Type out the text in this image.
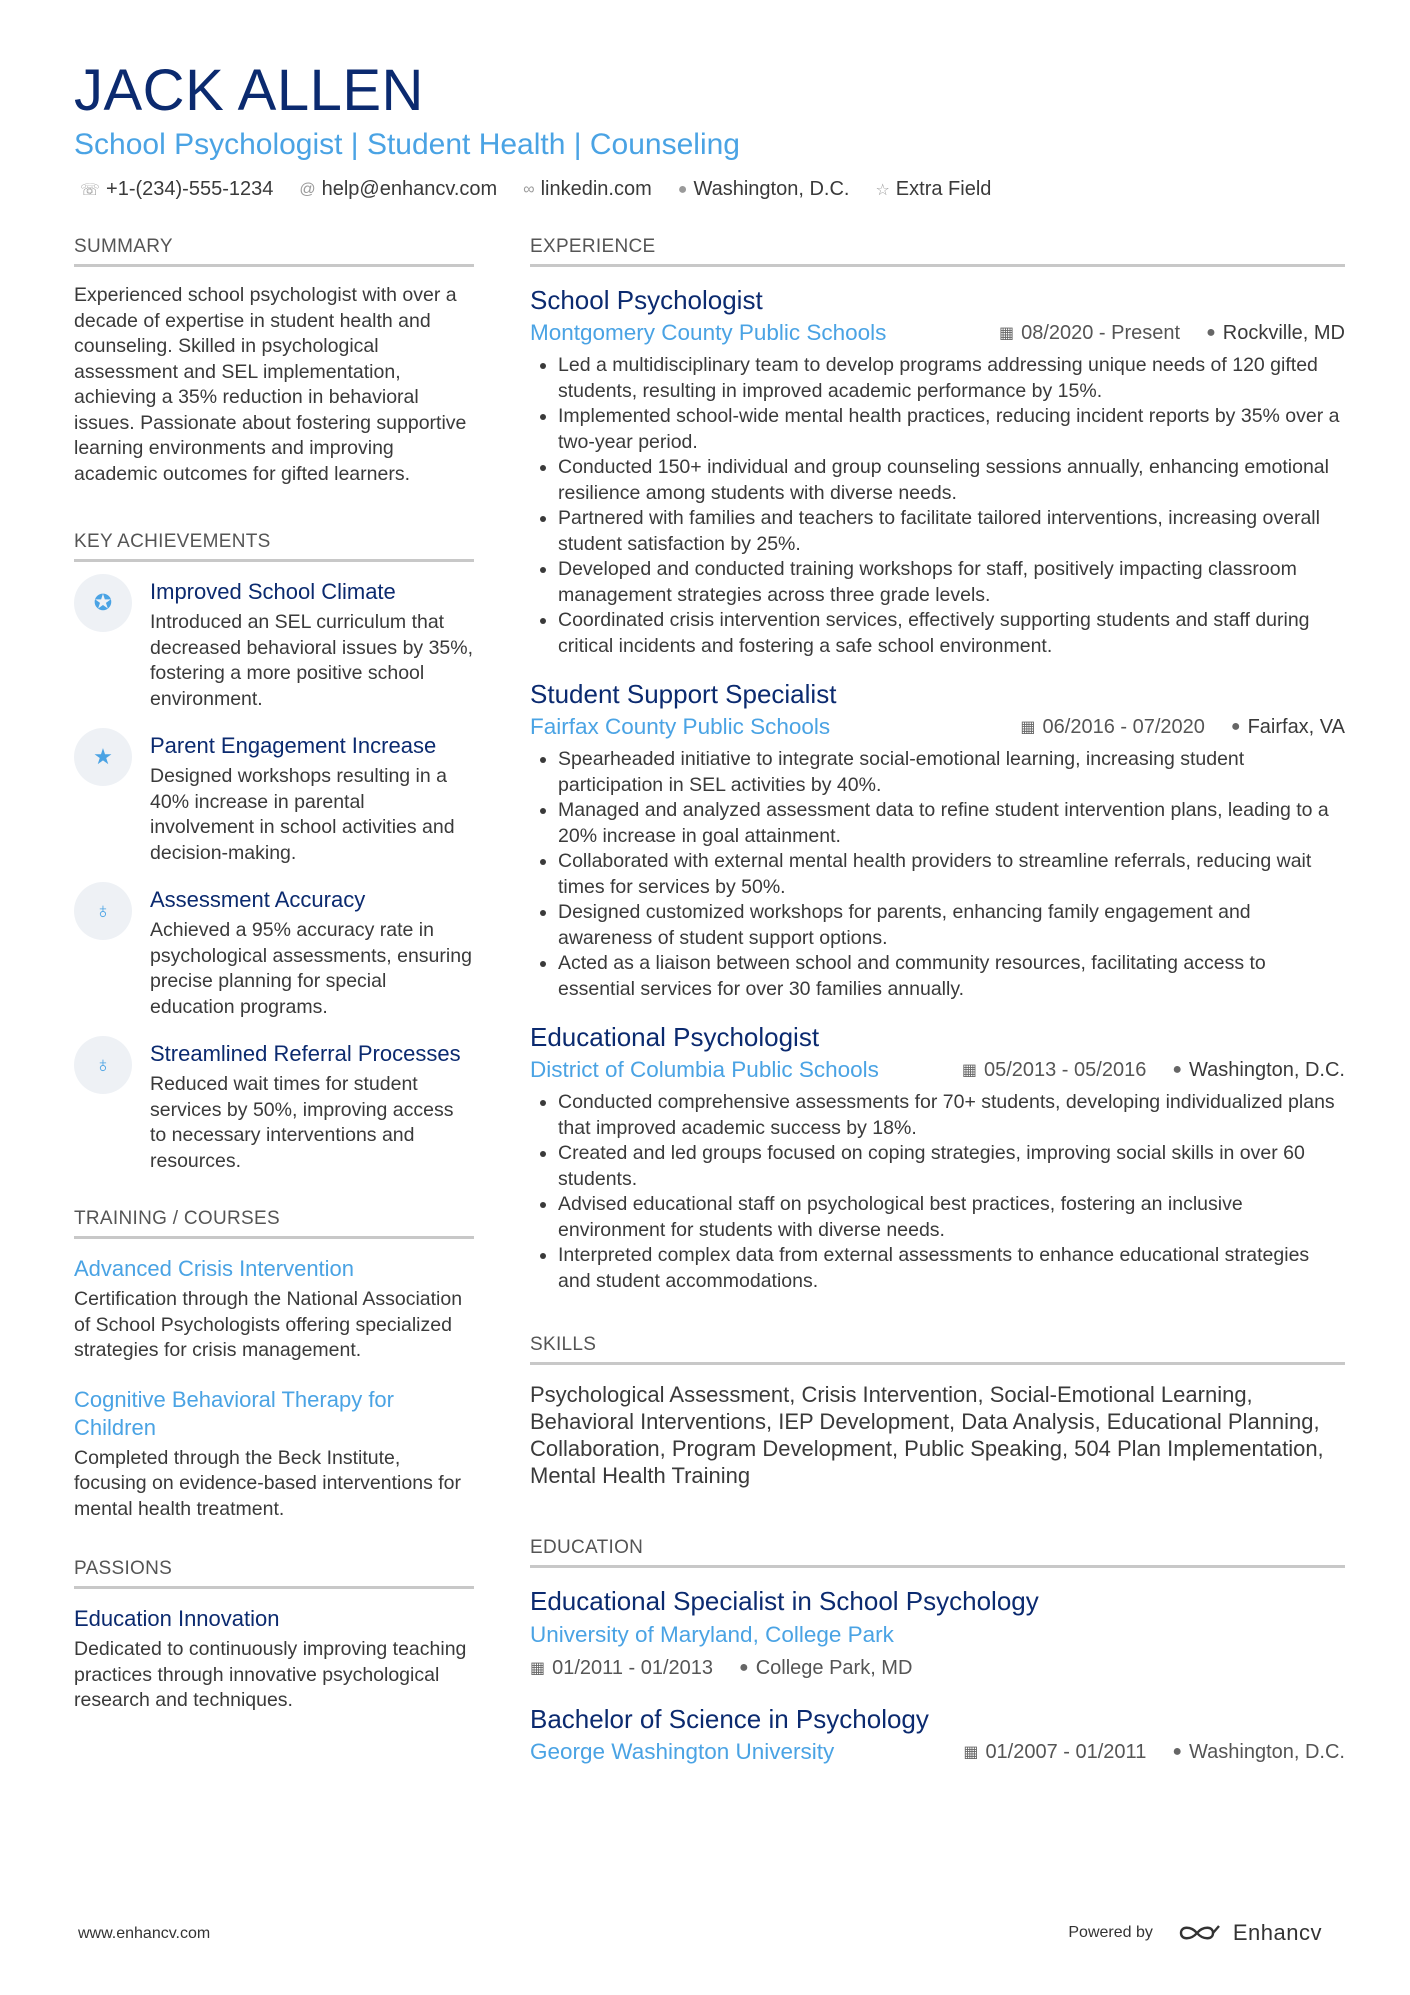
JACK ALLEN
School Psychologist | Student Health | Counseling
☏ +1-(234)-555-1234 @ help@enhancv.com ∞ linkedin.com ● Washington, D.C. ☆ Extra Field
SUMMARY

Experienced school psychologist with over a decade of expertise in student health and counseling. Skilled in psychological assessment and SEL implementation, achieving a 35% reduction in behavioral issues. Passionate about fostering supportive learning environments and improving academic outcomes for gifted learners.

KEY ACHIEVEMENTS
✪	Improved School Climate
Introduced an SEL curriculum that decreased behavioral issues by 35%, fostering a more positive school environment.
★	Parent Engagement Increase
Designed workshops resulting in a 40% increase in parental involvement in school activities and decision-making.
♁	Assessment Accuracy
Achieved a 95% accuracy rate in psychological assessments, ensuring precise planning for special education programs.
♁	Streamlined Referral Processes
Reduced wait times for student services by 50%, improving access to necessary interventions and resources.
TRAINING / COURSES
Advanced Crisis Intervention

Certification through the National Association of School Psychologists offering specialized strategies for crisis management.

Cognitive Behavioral Therapy for Children

Completed through the Beck Institute, focusing on evidence-based interventions for mental health treatment.

PASSIONS
Education Innovation

Dedicated to continuously improving teaching practices through innovative psychological research and techniques.

EXPERIENCE
School Psychologist
Montgomery County Public Schools	▦ 08/2020 - Present ● Rockville, MD
• Led a multidisciplinary team to develop programs addressing unique needs of 120 gifted students, resulting in improved academic performance by 15%.
• Implemented school-wide mental health practices, reducing incident reports by 35% over a two-year period.
• Conducted 150+ individual and group counseling sessions annually, enhancing emotional resilience among students with diverse needs.
• Partnered with families and teachers to facilitate tailored interventions, increasing overall student satisfaction by 25%.
• Developed and conducted training workshops for staff, positively impacting classroom management strategies across three grade levels.
• Coordinated crisis intervention services, effectively supporting students and staff during critical incidents and fostering a safe school environment.
Student Support Specialist
Fairfax County Public Schools	▦ 06/2016 - 07/2020 ● Fairfax, VA
• Spearheaded initiative to integrate social-emotional learning, increasing student participation in SEL activities by 40%.
• Managed and analyzed assessment data to refine student intervention plans, leading to a 20% increase in goal attainment.
• Collaborated with external mental health providers to streamline referrals, reducing wait times for services by 50%.
• Designed customized workshops for parents, enhancing family engagement and awareness of student support options.
• Acted as a liaison between school and community resources, facilitating access to essential services for over 30 families annually.
Educational Psychologist
District of Columbia Public Schools	▦ 05/2013 - 05/2016 ● Washington, D.C.
• Conducted comprehensive assessments for 70+ students, developing individualized plans that improved academic success by 18%.
• Created and led groups focused on coping strategies, improving social skills in over 60 students.
• Advised educational staff on psychological best practices, fostering an inclusive environment for students with diverse needs.
• Interpreted complex data from external assessments to enhance educational strategies and student accommodations.
SKILLS

Psychological Assessment, Crisis Intervention, Social-Emotional Learning, Behavioral Interventions, IEP Development, Data Analysis, Educational Planning, Collaboration, Program Development, Public Speaking, 504 Plan Implementation, Mental Health Training

EDUCATION
Educational Specialist in School Psychology
University of Maryland, College Park
▦ 01/2011 - 01/2013 ● College Park, MD
Bachelor of Science in Psychology
George Washington University	▦ 01/2007 - 01/2011 ● Washington, D.C.
www.enhancv.com	Powered by	Enhancv
